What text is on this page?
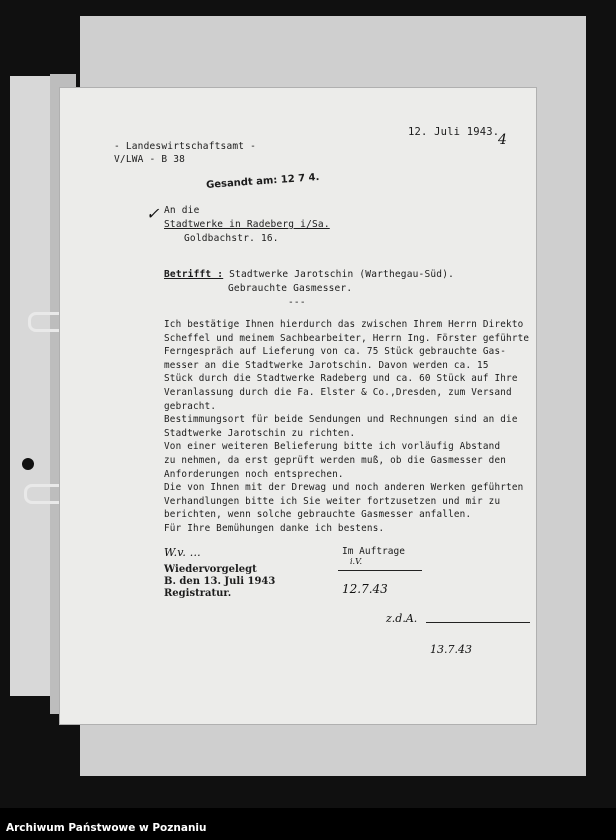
- Landeswirtschaftsamt -
V/LWA - B 38
12. Juli 1943.
4
Gesandt am: 12 7 4.
✓ An die
Stadtwerke in Radeberg i/Sa.
Goldbachstr. 16.
Betrifft : Stadtwerke Jarotschin (Warthegau-Süd).
Gebrauchte Gasmesser.
---
Ich bestätige Ihnen hierdurch das zwischen Ihrem Herrn Direkto
Scheffel und meinem Sachbearbeiter, Herrn Ing. Förster geführte
Ferngespräch auf Lieferung von ca. 75 Stück gebrauchte Gas-
messer an die Stadtwerke Jarotschin. Davon werden ca. 15
Stück durch die Stadtwerke Radeberg und ca. 60 Stück auf Ihre
Veranlassung durch die Fa. Elster & Co.,Dresden, zum Versand
gebracht.
Bestimmungsort für beide Sendungen und Rechnungen sind an die
Stadtwerke Jarotschin zu richten.
Von einer weiteren Belieferung bitte ich vorläufig Abstand
zu nehmen, da erst geprüft werden muß, ob die Gasmesser den
Anforderungen noch entsprechen.
Die von Ihnen mit der Drewag und noch anderen Werken geführten
Verhandlungen bitte ich Sie weiter fortzusetzen und mir zu
berichten, wenn solche gebrauchte Gasmesser anfallen.
Für Ihre Bemühungen danke ich bestens.
Wiedervorgelegt
B. den 13. Juli 1943
Registratur.
W.v. ...	Im Auftrage
i.V.
12.7.43
z.d.A.
13.7.43
Archiwum Państwowe w Poznaniu
